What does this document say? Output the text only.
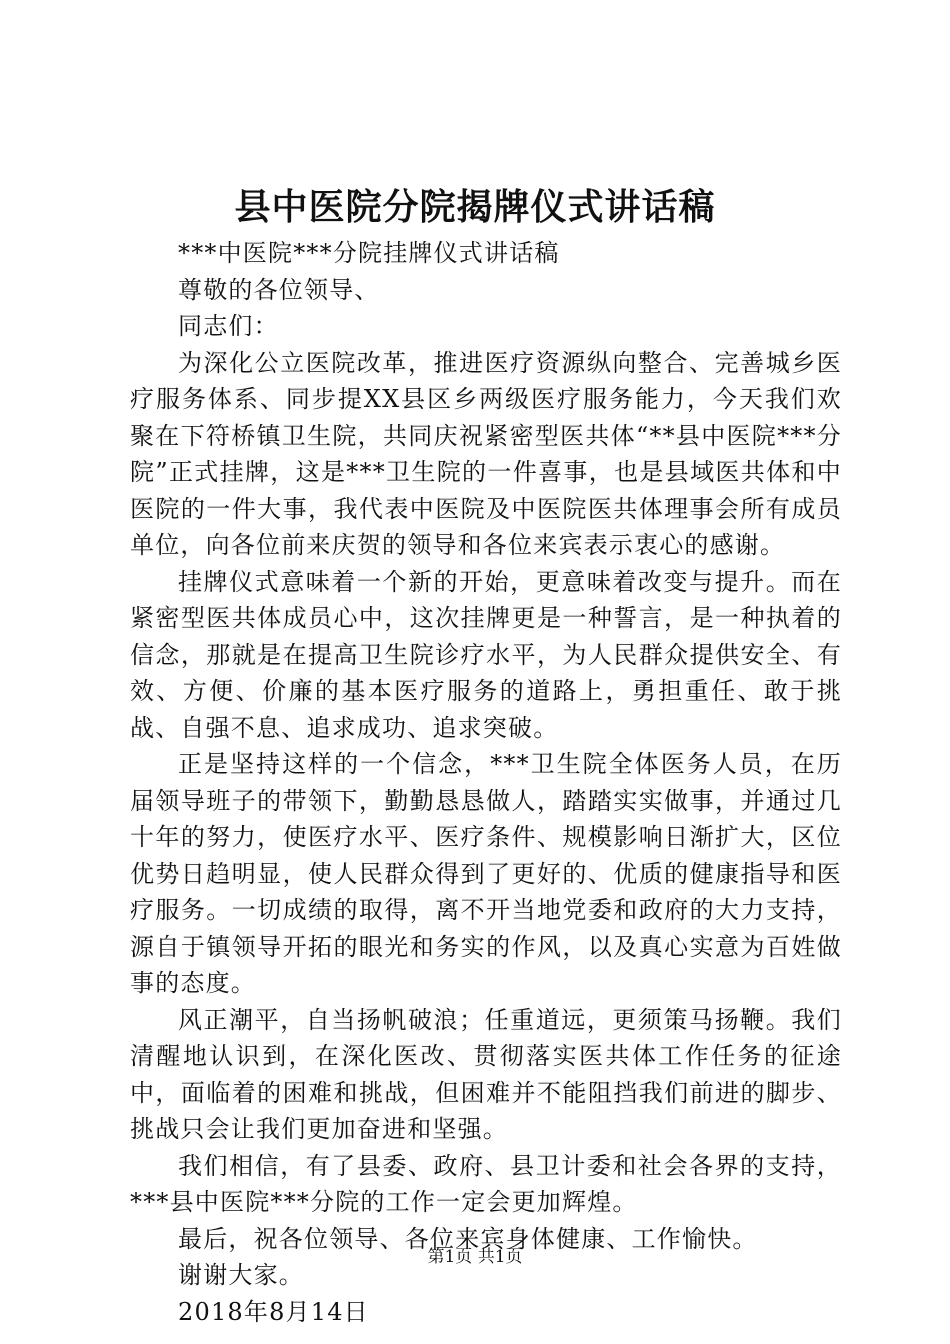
县中医院分院揭牌仪式讲话稿

***中医院***分院挂牌仪式讲话稿

尊敬的各位领导、

同志们：

为深化公立医院改革，推进医疗资源纵向整合、完善城乡医疗服务体系、同步提XX县区乡两级医疗服务能力，今天我们欢聚在下符桥镇卫生院，共同庆祝紧密型医共体“**县中医院***分院”正式挂牌，这是***卫生院的一件喜事，也是县域医共体和中医院的一件大事，我代表中医院及中医院医共体理事会所有成员单位，向各位前来庆贺的领导和各位来宾表示衷心的感谢。

挂牌仪式意味着一个新的开始，更意味着改变与提升。而在紧密型医共体成员心中，这次挂牌更是一种誓言，是一种执着的信念，那就是在提高卫生院诊疗水平，为人民群众提供安全、有效、方便、价廉的基本医疗服务的道路上，勇担重任、敢于挑战、自强不息、追求成功、追求突破。

正是坚持这样的一个信念，***卫生院全体医务人员，在历届领导班子的带领下，勤勤恳恳做人，踏踏实实做事，并通过几十年的努力，使医疗水平、医疗条件、规模影响日渐扩大，区位优势日趋明显，使人民群众得到了更好的、优质的健康指导和医疗服务。一切成绩的取得，离不开当地党委和政府的大力支持，源自于镇领导开拓的眼光和务实的作风，以及真心实意为百姓做事的态度。

风正潮平，自当扬帆破浪；任重道远，更须策马扬鞭。我们清醒地认识到，在深化医改、贯彻落实医共体工作任务的征途中，面临着的困难和挑战，但困难并不能阻挡我们前进的脚步、挑战只会让我们更加奋进和坚强。

我们相信，有了县委、政府、县卫计委和社会各界的支持，***县中医院***分院的工作一定会更加辉煌。

最后，祝各位领导、各位来宾身体健康、工作愉快。

谢谢大家。

2018年8月14日

第1页 共1页
